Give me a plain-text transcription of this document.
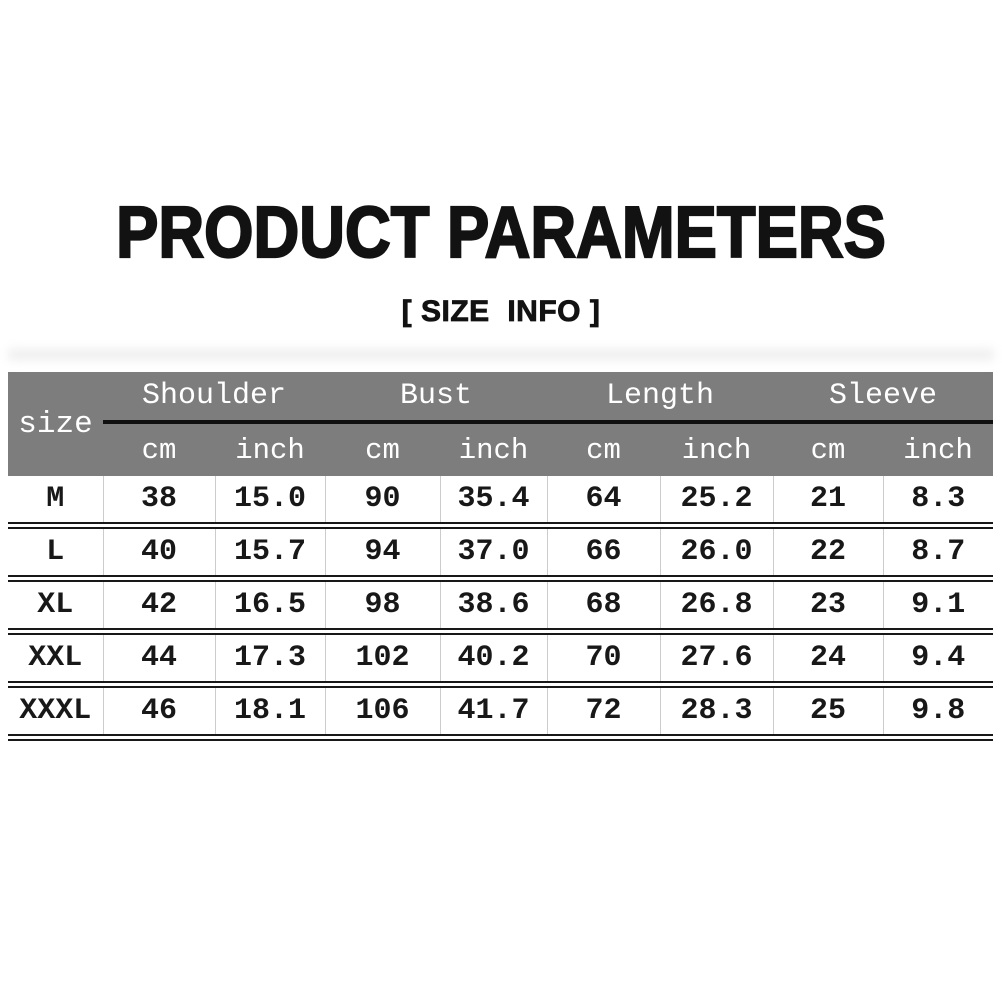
PRODUCT PARAMETERS
[ SIZE  INFO ]
size	Shoulder		Bust		Length		Sleeve	
	cm	inch	cm	inch	cm	inch	cm	inch
M	38	15.0	90	35.4	64	25.2	21	8.3
L	40	15.7	94	37.0	66	26.0	22	8.7
XL	42	16.5	98	38.6	68	26.8	23	9.1
XXL	44	17.3	102	40.2	70	27.6	24	9.4
XXXL	46	18.1	106	41.7	72	28.3	25	9.8
